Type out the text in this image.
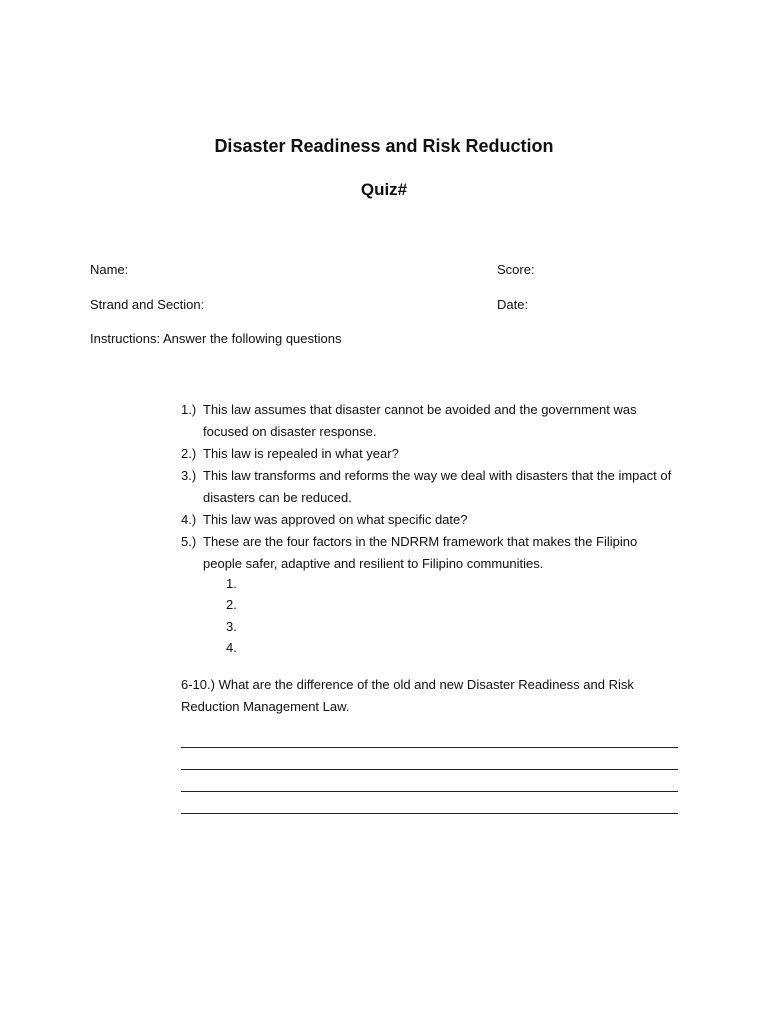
Disaster Readiness and Risk Reduction
Quiz#
Name:	Score:
Strand and Section:	Date:
Instructions: Answer the following questions
1.) This law assumes that disaster cannot be avoided and the government was focused on disaster response.
2.) This law is repealed in what year?
3.) This law transforms and reforms the way we deal with disasters that the impact of disasters can be reduced.
4.) This law was approved on what specific date?
5.) These are the four factors in the NDRRM framework that makes the Filipino people safer, adaptive and resilient to Filipino communities.
1.
2.
3.
4.
6-10.) What are the difference of the old and new Disaster Readiness and Risk Reduction Management Law.
